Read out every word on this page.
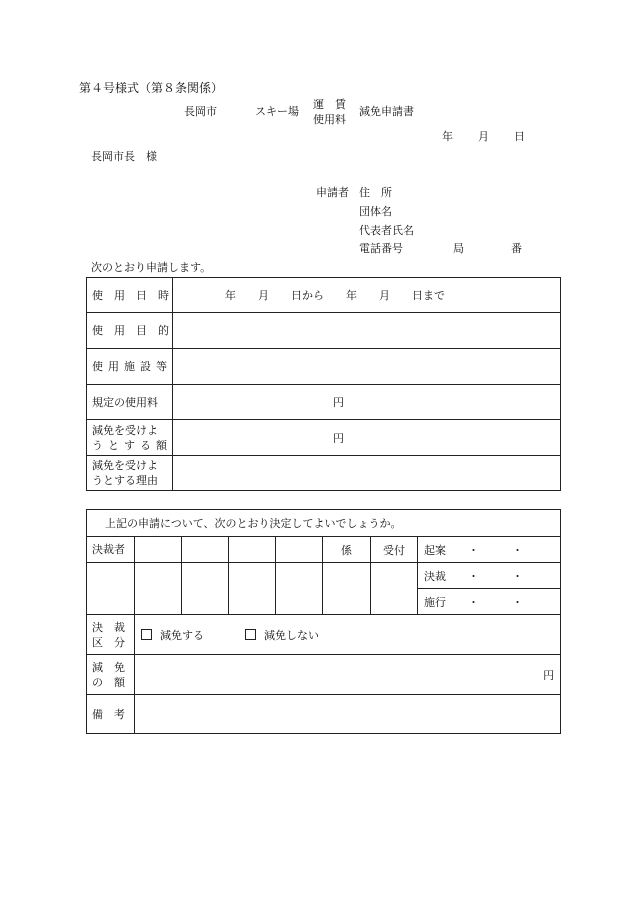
第４号様式（第８条関係）
長岡市	スキー場
運　賃
使用料
減免申請書
年 月 日
長岡市長　様
申請者 住　所
団体名
代表者氏名
電話番号	局	番
次のとおり申請します。
使　用　日　時	年　　月　　日から　　年　　月　　日まで
使　用　目　的	
使用施設等	
規定の使用料	円

減免を受けよ
うとする額	円

減免を受けよ
うとする理由	

上記の申請について、次のとおり決定してよいでしょうか。							
決裁者					係	受付	起案 ・　　　・
							決裁 ・　　　・
							施行 ・　　　・

決　裁
区　分	減免する 減免しない						

減　免
の　額	円						
備　考							
